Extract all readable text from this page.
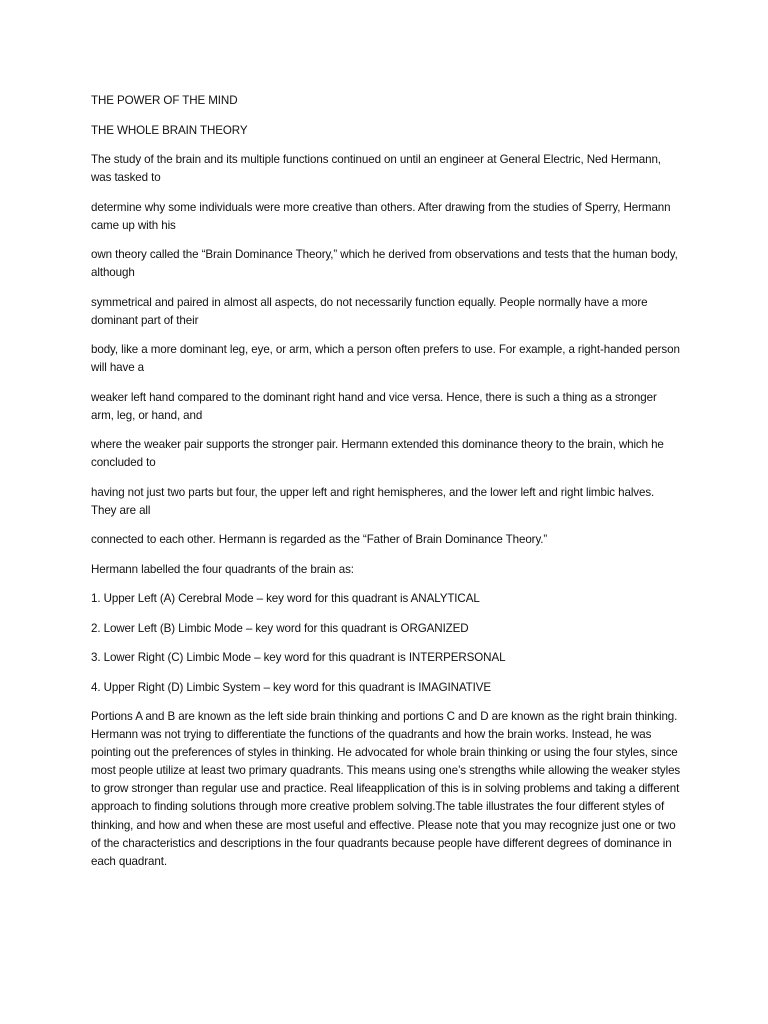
THE POWER OF THE MIND

THE WHOLE BRAIN THEORY

The study of the brain and its multiple functions continued on until an engineer at General Electric, Ned Hermann, was tasked to

determine why some individuals were more creative than others. After drawing from the studies of Sperry, Hermann came up with his

own theory called the “Brain Dominance Theory,” which he derived from observations and tests that the human body, although

symmetrical and paired in almost all aspects, do not necessarily function equally. People normally have a more dominant part of their

body, like a more dominant leg, eye, or arm, which a person often prefers to use. For example, a right-handed person will have a

weaker left hand compared to the dominant right hand and vice versa. Hence, there is such a thing as a stronger arm, leg, or hand, and

where the weaker pair supports the stronger pair. Hermann extended this dominance theory to the brain, which he concluded to

having not just two parts but four, the upper left and right hemispheres, and the lower left and right limbic halves. They are all

connected to each other. Hermann is regarded as the “Father of Brain Dominance Theory.”

Hermann labelled the four quadrants of the brain as:

1. Upper Left (A) Cerebral Mode – key word for this quadrant is ANALYTICAL

2. Lower Left (B) Limbic Mode – key word for this quadrant is ORGANIZED

3. Lower Right (C) Limbic Mode – key word for this quadrant is INTERPERSONAL

4. Upper Right (D) Limbic System – key word for this quadrant is IMAGINATIVE

Portions A and B are known as the left side brain thinking and portions C and D are known as the right brain thinking. Hermann was not trying to differentiate the functions of the quadrants and how the brain works. Instead, he was pointing out the preferences of styles in thinking. He advocated for whole brain thinking or using the four styles, since most people utilize at least two primary quadrants. This means using one’s strengths while allowing the weaker styles to grow stronger than regular use and practice. Real lifeapplication of this is in solving problems and taking a different approach to finding solutions through more creative problem solving.The table illustrates the four different styles of thinking, and how and when these are most useful and effective. Please note that you may recognize just one or two of the characteristics and descriptions in the four quadrants because people have different degrees of dominance in each quadrant.
